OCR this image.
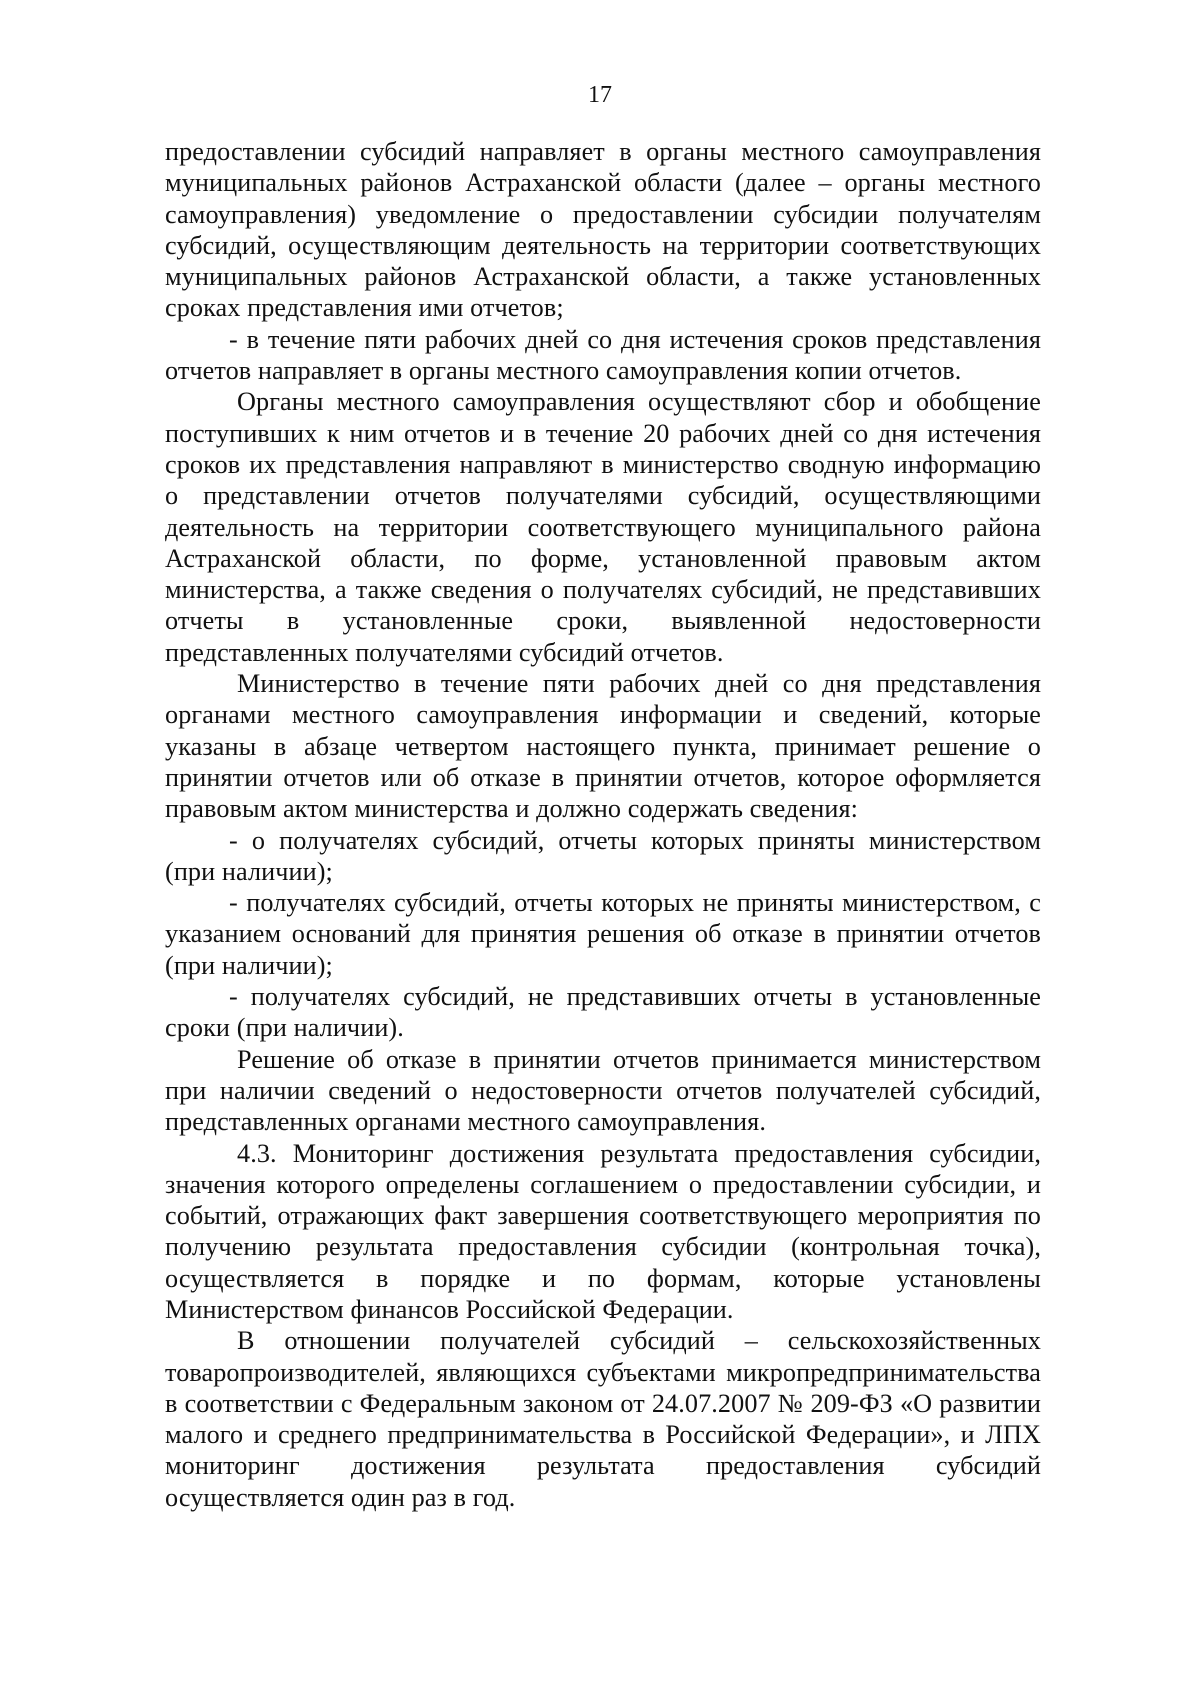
17

предоставлении субсидий направляет в органы местного самоуправления муниципальных районов Астраханской области (далее – органы местного самоуправления) уведомление о предоставлении субсидии получателям субсидий, осуществляющим деятельность на территории соответствующих муниципальных районов Астраханской области, а также установленных сроках представления ими отчетов;

- в течение пяти рабочих дней со дня истечения сроков представления отчетов направляет в органы местного самоуправления копии отчетов.

Органы местного самоуправления осуществляют сбор и обобщение поступивших к ним отчетов и в течение 20 рабочих дней со дня истечения сроков их представления направляют в министерство сводную информацию о представлении отчетов получателями субсидий, осуществляющими деятельность на территории соответствующего муниципального района Астраханской области, по форме, установленной правовым актом министерства, а также сведения о получателях субсидий, не представивших отчеты в установленные сроки, выявленной недостоверности представленных получателями субсидий отчетов.

Министерство в течение пяти рабочих дней со дня представления органами местного самоуправления информации и сведений, которые указаны в абзаце четвертом настоящего пункта, принимает решение о принятии отчетов или об отказе в принятии отчетов, которое оформляется правовым актом министерства и должно содержать сведения:

- о получателях субсидий, отчеты которых приняты министерством (при наличии);

- получателях субсидий, отчеты которых не приняты министерством, с указанием оснований для принятия решения об отказе в принятии отчетов (при наличии);

- получателях субсидий, не представивших отчеты в установленные сроки (при наличии).

Решение об отказе в принятии отчетов принимается министерством при наличии сведений о недостоверности отчетов получателей субсидий, представленных органами местного самоуправления.

4.3. Мониторинг достижения результата предоставления субсидии, значения которого определены соглашением о предоставлении субсидии, и событий, отражающих факт завершения соответствующего мероприятия по получению результата предоставления субсидии (контрольная точка), осуществляется в порядке и по формам, которые установлены Министерством финансов Российской Федерации.

В отношении получателей субсидий – сельскохозяйственных товаропроизводителей, являющихся субъектами микропредпринимательства в соответствии с Федеральным законом от 24.07.2007 № 209-ФЗ «О развитии малого и среднего предпринимательства в Российской Федерации», и ЛПХ мониторинг достижения результата предоставления субсидий осуществляется один раз в год.
